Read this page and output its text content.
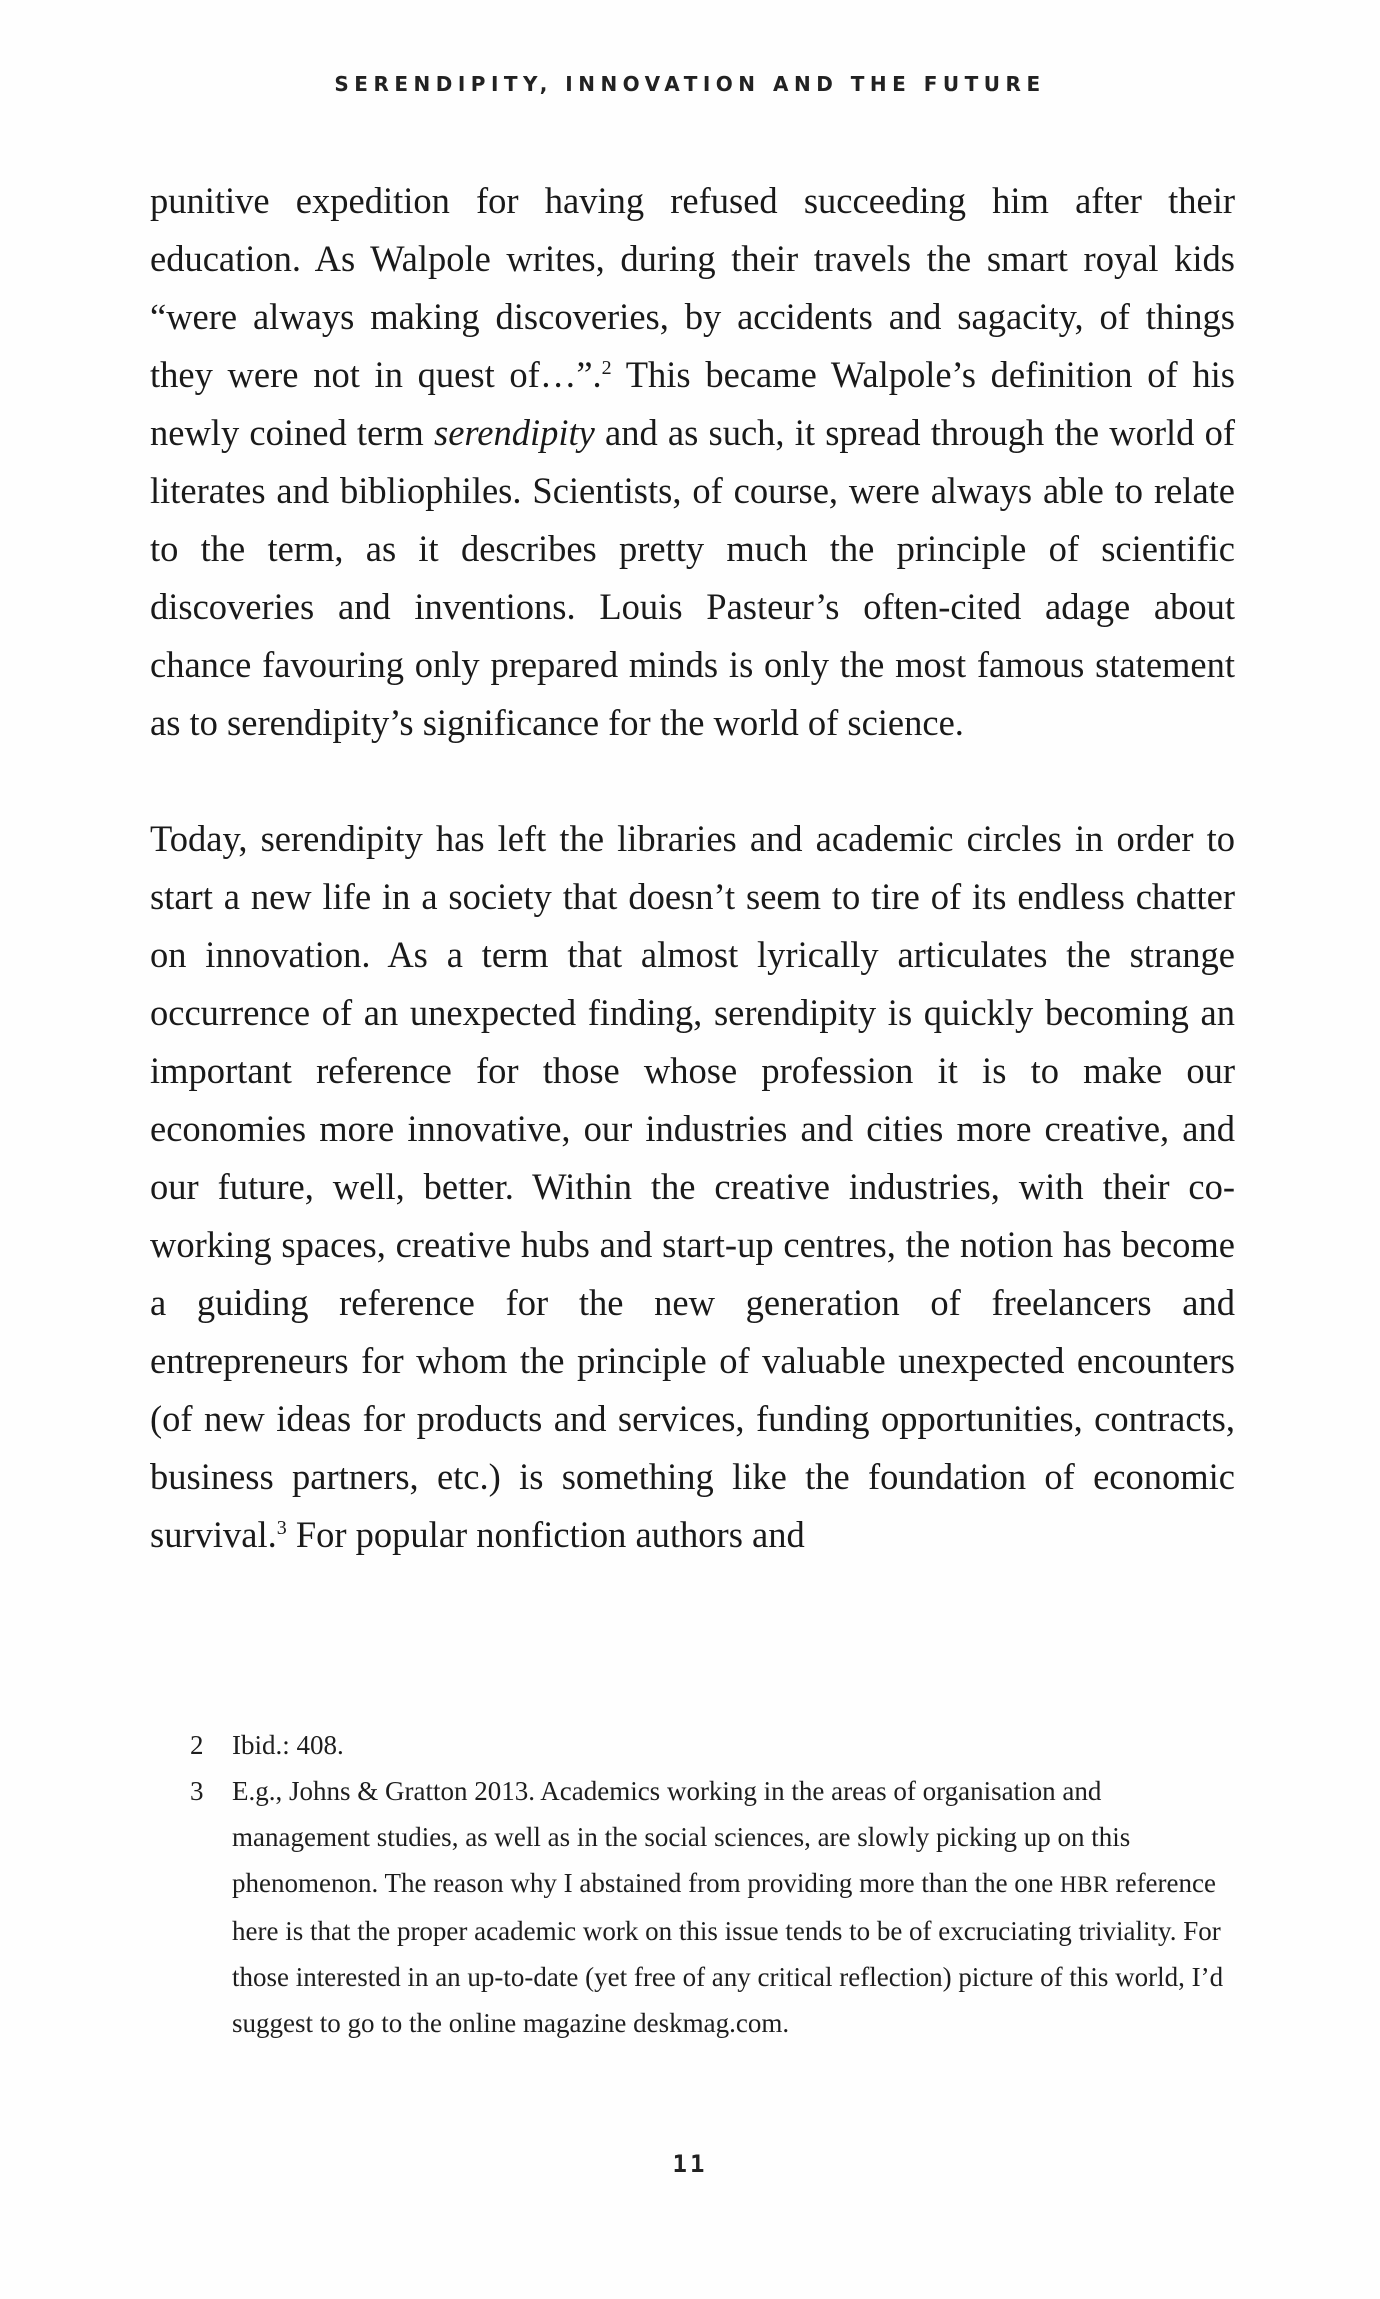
SERENDIPITY, INNOVATION AND THE FUTURE

punitive expedition for having refused succeeding him after their education. As Walpole writes, during their travels the smart royal kids “were always making discoveries, by accidents and sagacity, of things they were not in quest of…”.$^2$ This became Walpole’s definition of his newly coined term serendipity and as such, it spread through the world of literates and bibliophiles. Scientists, of course, were always able to relate to the term, as it describes pretty much the principle of scientific discoveries and inventions. Louis Pasteur’s often-cited adage about chance favouring only prepared minds is only the most famous statement as to serendipity’s significance for the world of science.

Today, serendipity has left the libraries and academic circles in order to start a new life in a society that doesn’t seem to tire of its endless chatter on innovation. As a term that almost lyrically articulates the strange occurrence of an unexpected finding, serendipity is quickly becoming an important reference for those whose profession it is to make our economies more innovative, our industries and cities more creative, and our future, well, better. Within the creative industries, with their co-working spaces, creative hubs and start-up centres, the notion has become a guiding reference for the new generation of freelancers and entrepreneurs for whom the principle of valuable unexpected encounters (of new ideas for products and services, funding opportunities, contracts, business partners, etc.) is something like the foundation of economic survival.$^3$ For popular nonfiction authors and

2 Ibid.: 408.
3 E.g., Johns & Gratton 2013. Academics working in the areas of organisation and management studies, as well as in the social sciences, are slowly picking up on this phenomenon. The reason why I abstained from providing more than the one HBR reference here is that the proper academic work on this issue tends to be of excruciating triviality. For those interested in an up-to-date (yet free of any critical reflection) picture of this world, I’d suggest to go to the online magazine deskmag.com.
11
